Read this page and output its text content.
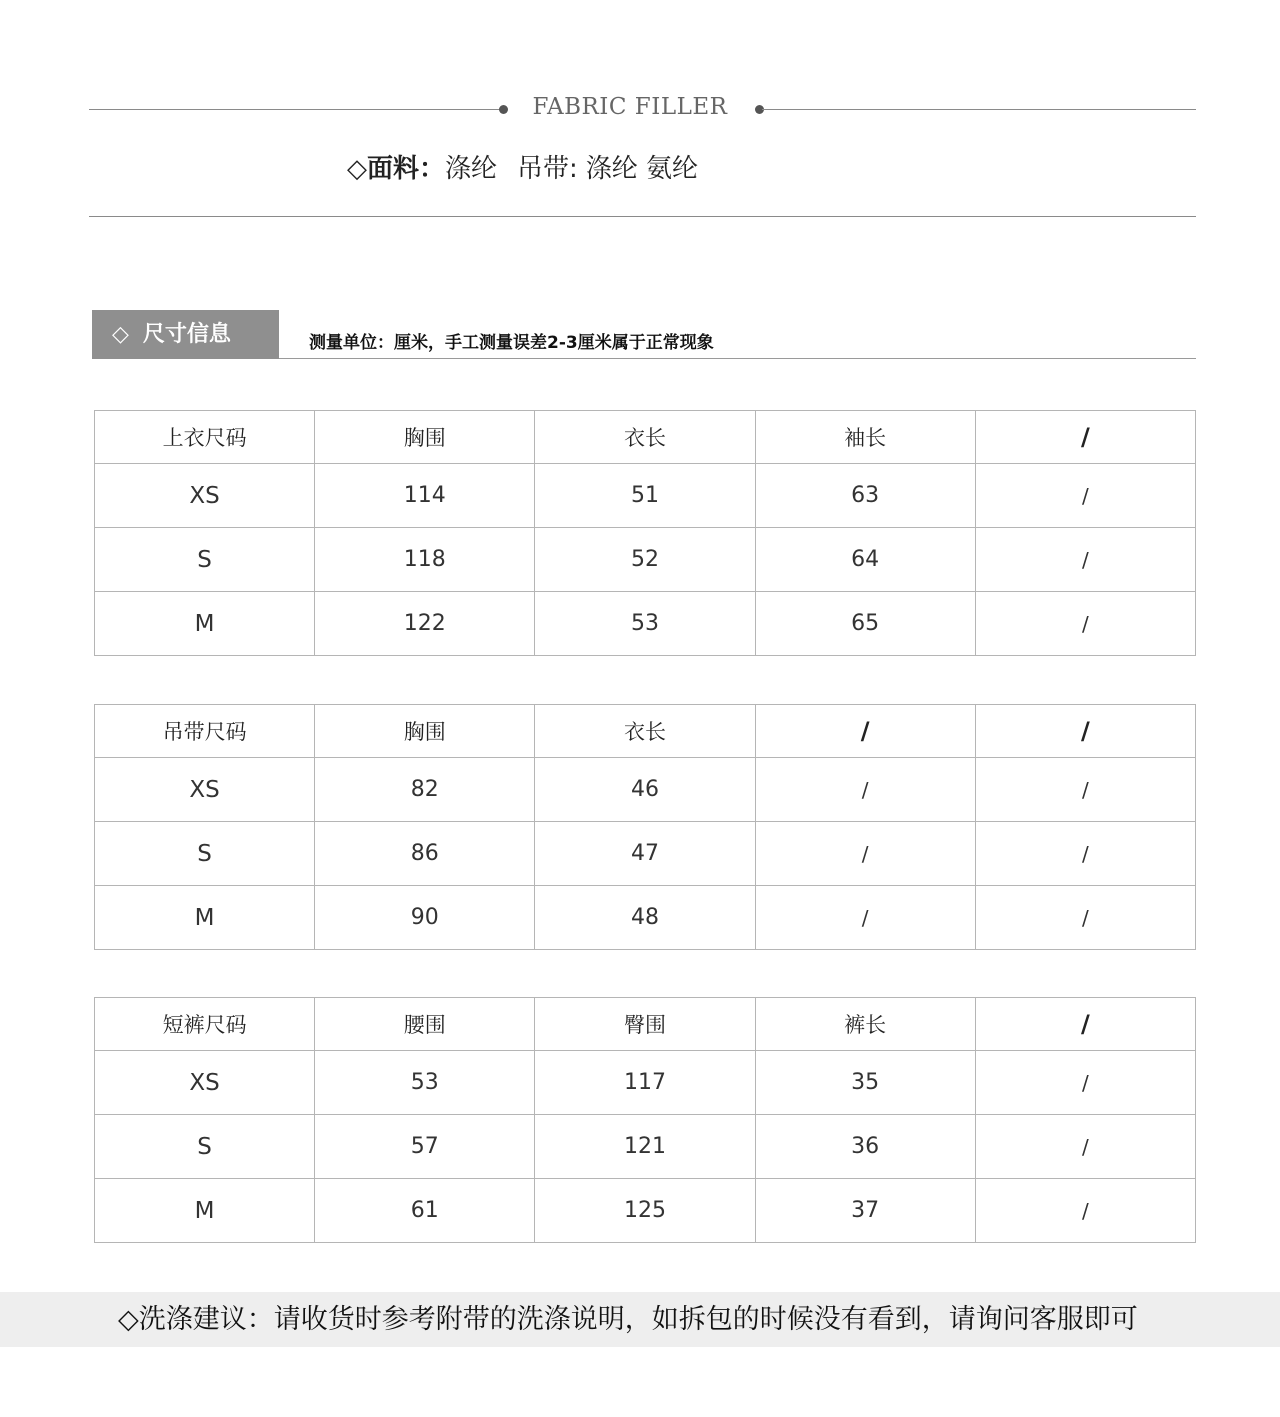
FABRIC FILLER
◇面料：涤纶 吊带: 涤纶 氨纶
◇ 尺寸信息	测量单位：厘米，手工测量误差2-3厘米属于正常现象
上衣尺码	胸围	衣长	袖长	/
XS	114	51	63	/
S	118	52	64	/
M	122	53	65	/
吊带尺码	胸围	衣长	/	/
XS	82	46	/	/
S	86	47	/	/
M	90	48	/	/
短裤尺码	腰围	臀围	裤长	/
XS	53	117	35	/
S	57	121	36	/
M	61	125	37	/
◇洗涤建议：请收货时参考附带的洗涤说明，如拆包的时候没有看到，请询问客服即可
